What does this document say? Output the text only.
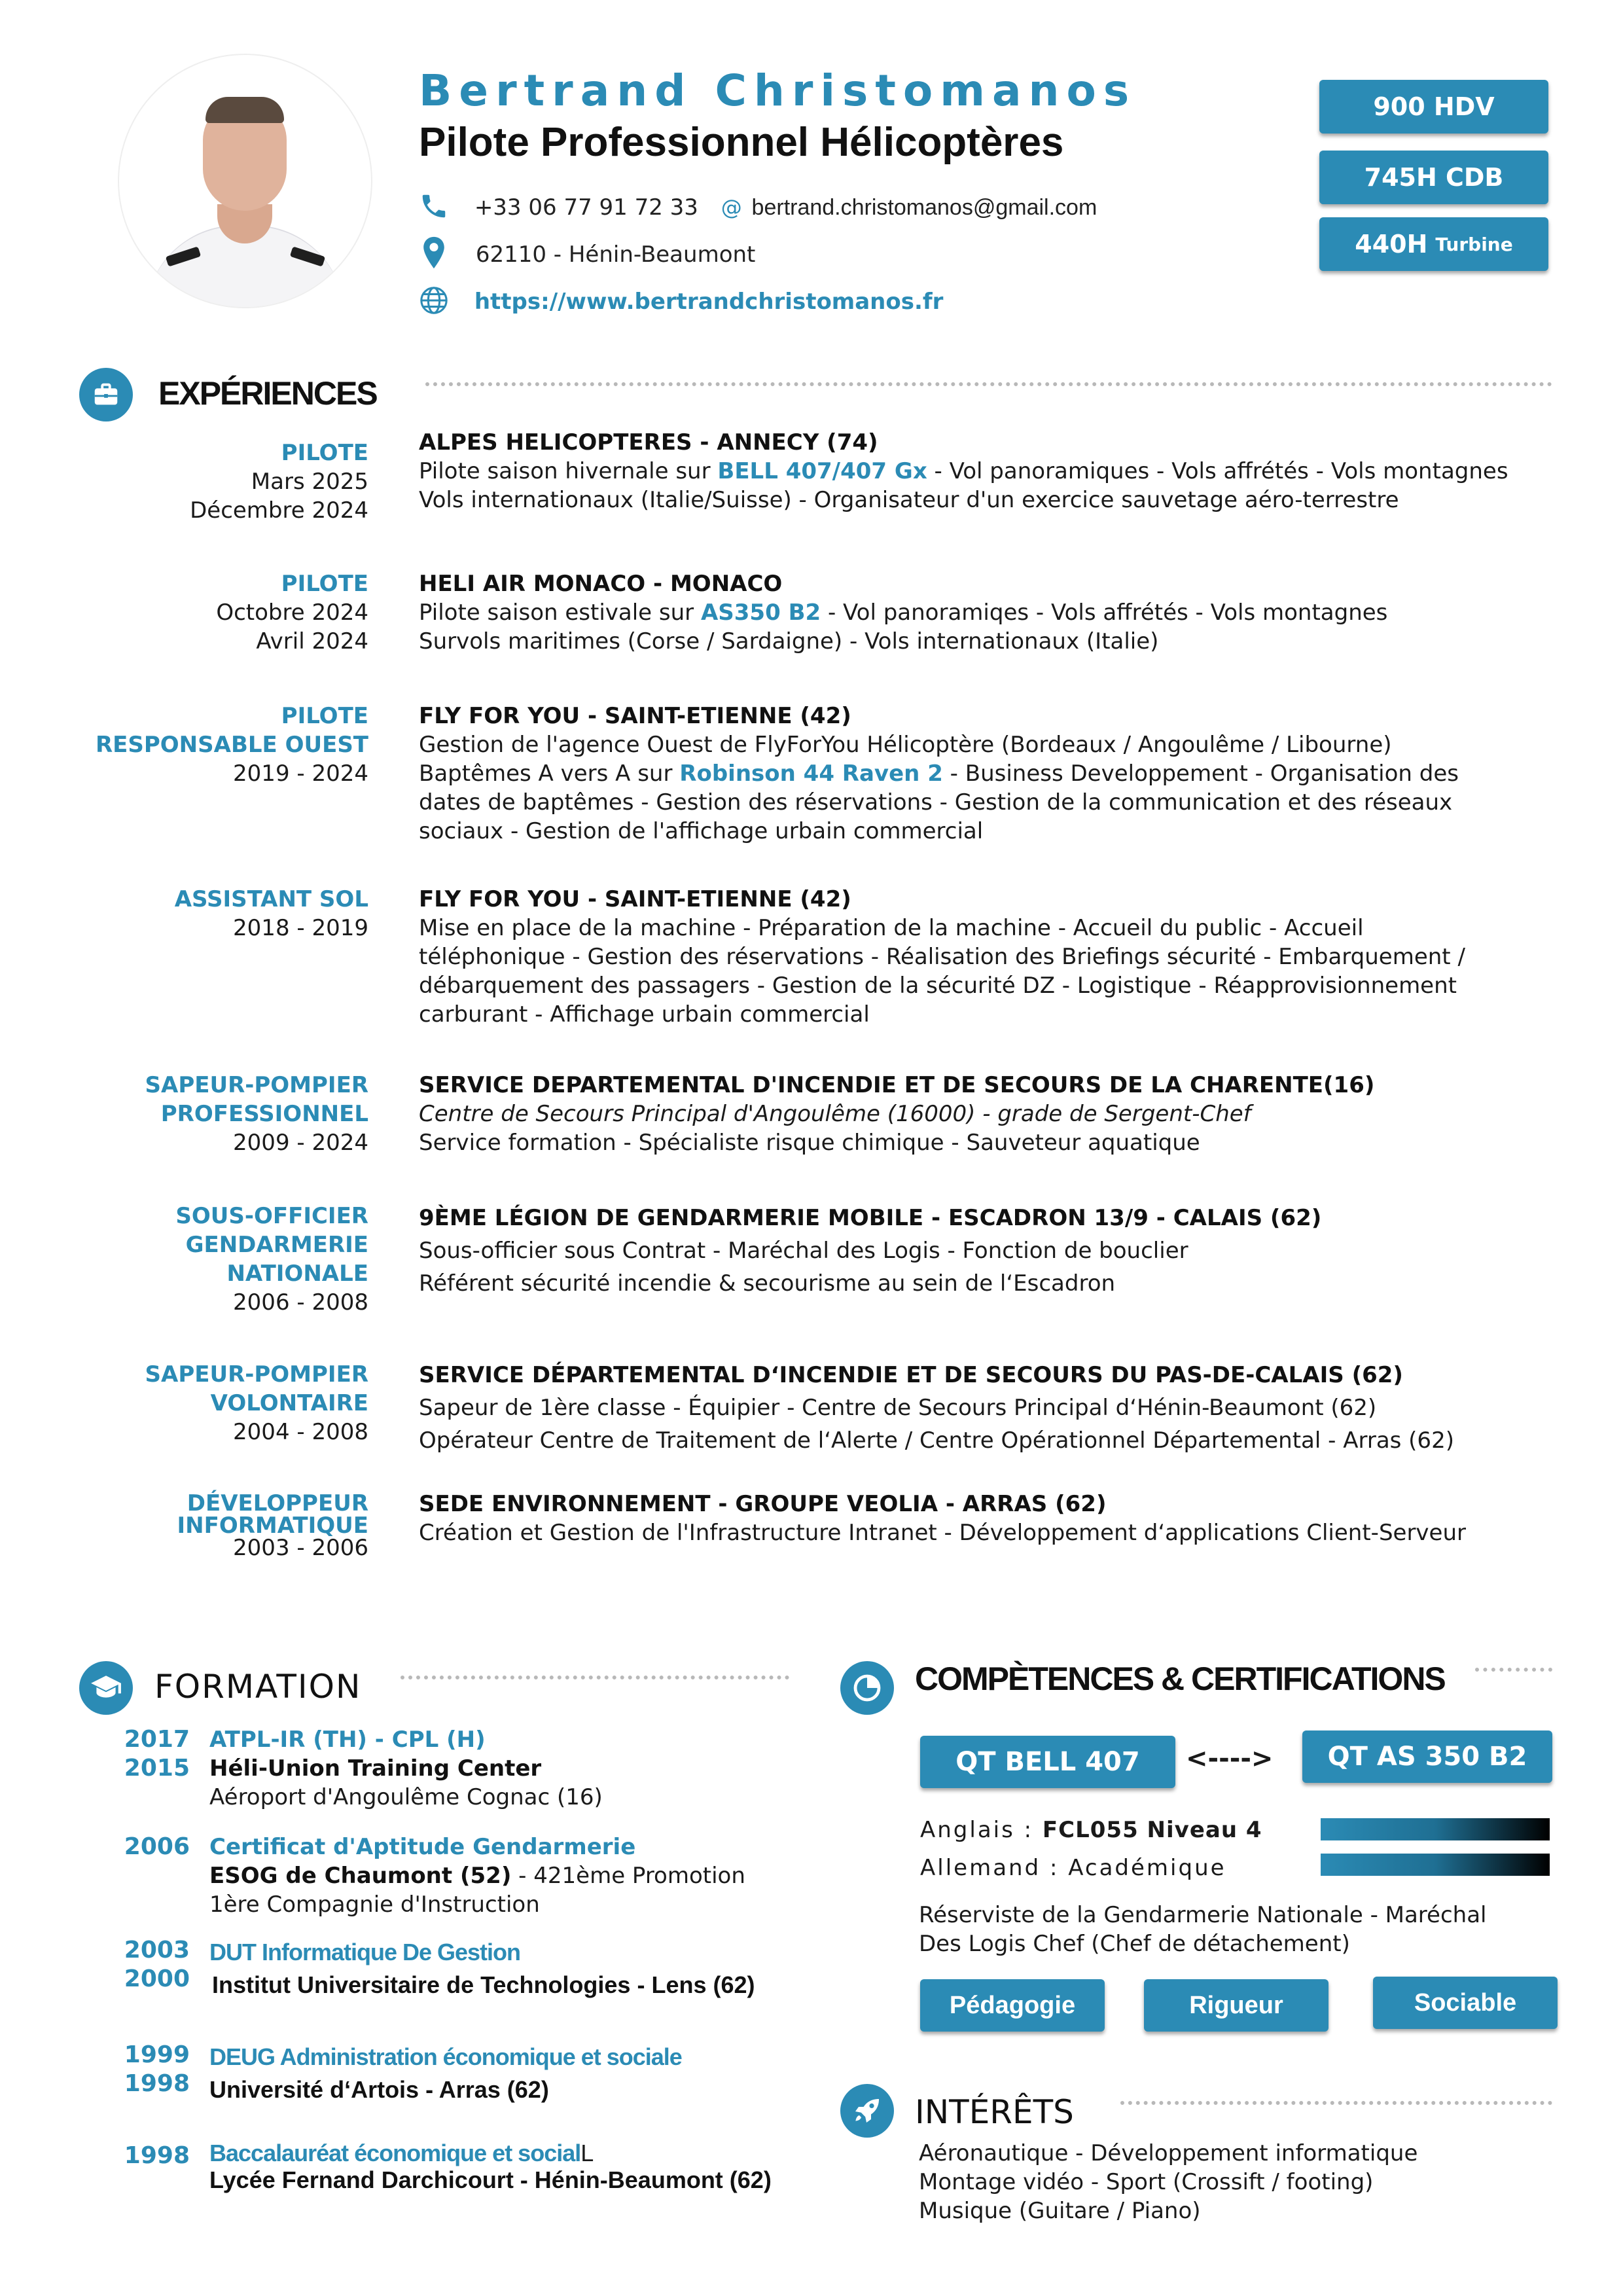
Bertrand Christomanos
Pilote Professionnel Hélicoptères
+33 06 77 91 72 33 @ bertrand.christomanos@gmail.com
62110 - Hénin-Beaumont
https://www.bertrandchristomanos.fr
900 HDV
745H CDB
440H Turbine
EXPÉRIENCES
PILOTE
Mars 2025
Décembre 2024
ALPES HELICOPTERES - ANNECY (74)
Pilote saison hivernale sur BELL 407/407 Gx - Vol panoramiques - Vols affrétés - Vols montagnes
Vols internationaux (Italie/Suisse) - Organisateur d'un exercice sauvetage aéro-terrestre
PILOTE
Octobre 2024
Avril 2024
HELI AIR MONACO - MONACO
Pilote saison estivale sur AS350 B2 - Vol panoramiqes - Vols affrétés - Vols montagnes
Survols maritimes (Corse / Sardaigne) - Vols internationaux (Italie)
PILOTE
RESPONSABLE OUEST
2019 - 2024
FLY FOR YOU - SAINT-ETIENNE (42)
Gestion de l'agence Ouest de FlyForYou Hélicoptère (Bordeaux / Angoulême / Libourne)
Baptêmes A vers A sur Robinson 44 Raven 2 - Business Developpement - Organisation des
dates de baptêmes - Gestion des réservations - Gestion de la communication et des réseaux
sociaux - Gestion de l'affichage urbain commercial
ASSISTANT SOL
2018 - 2019
FLY FOR YOU - SAINT-ETIENNE (42)
Mise en place de la machine - Préparation de la machine - Accueil du public - Accueil
téléphonique - Gestion des réservations - Réalisation des Briefings sécurité - Embarquement /
débarquement des passagers - Gestion de la sécurité DZ - Logistique - Réapprovisionnement
carburant - Affichage urbain commercial
SAPEUR-POMPIER
PROFESSIONNEL
2009 - 2024
SERVICE DEPARTEMENTAL D'INCENDIE ET DE SECOURS DE LA CHARENTE(16)
Centre de Secours Principal d'Angoulême (16000) - grade de Sergent-Chef
Service formation - Spécialiste risque chimique - Sauveteur aquatique
SOUS-OFFICIER
GENDARMERIE
NATIONALE
2006 - 2008
9ÈME LÉGION DE GENDARMERIE MOBILE - ESCADRON 13/9 - CALAIS (62)
Sous-officier sous Contrat - Maréchal des Logis - Fonction de bouclier
Référent sécurité incendie & secourisme au sein de l‘Escadron
SAPEUR-POMPIER
VOLONTAIRE
2004 - 2008
SERVICE DÉPARTEMENTAL D‘INCENDIE ET DE SECOURS DU PAS-DE-CALAIS (62)
Sapeur de 1ère classe - Équipier - Centre de Secours Principal d‘Hénin-Beaumont (62)
Opérateur Centre de Traitement de l‘Alerte / Centre Opérationnel Départemental - Arras (62)
DÉVELOPPEUR
INFORMATIQUE
2003 - 2006
SEDE ENVIRONNEMENT - GROUPE VEOLIA - ARRAS (62)
Création et Gestion de l'Infrastructure Intranet - Développement d‘applications Client-Serveur
FORMATION
2017
2015
ATPL-IR (TH) - CPL (H)
Héli-Union Training Center
Aéroport d'Angoulême Cognac (16)
2006 Certificat d'Aptitude Gendarmerie
ESOG de Chaumont (52) - 421ème Promotion
1ère Compagnie d'Instruction
2003
2000
DUT Informatique De Gestion
Institut Universitaire de Technologies - Lens (62)
1999
1998
DEUG Administration économique et sociale
Université d‘Artois - Arras (62)
1998 Baccalauréat économique et socialL
Lycée Fernand Darchicourt - Hénin-Beaumont (62)
COMPÈTENCES & CERTIFICATIONS
QT BELL 407	<---->	QT AS 350 B2
Anglais : FCL055 Niveau 4
Allemand : Académique
Réserviste de la Gendarmerie Nationale - Maréchal
Des Logis Chef (Chef de détachement)
Pédagogie	Rigueur	Sociable
INTÉRÊTS
Aéronautique - Développement informatique
Montage vidéo - Sport (Crossift / footing)
Musique (Guitare / Piano)
